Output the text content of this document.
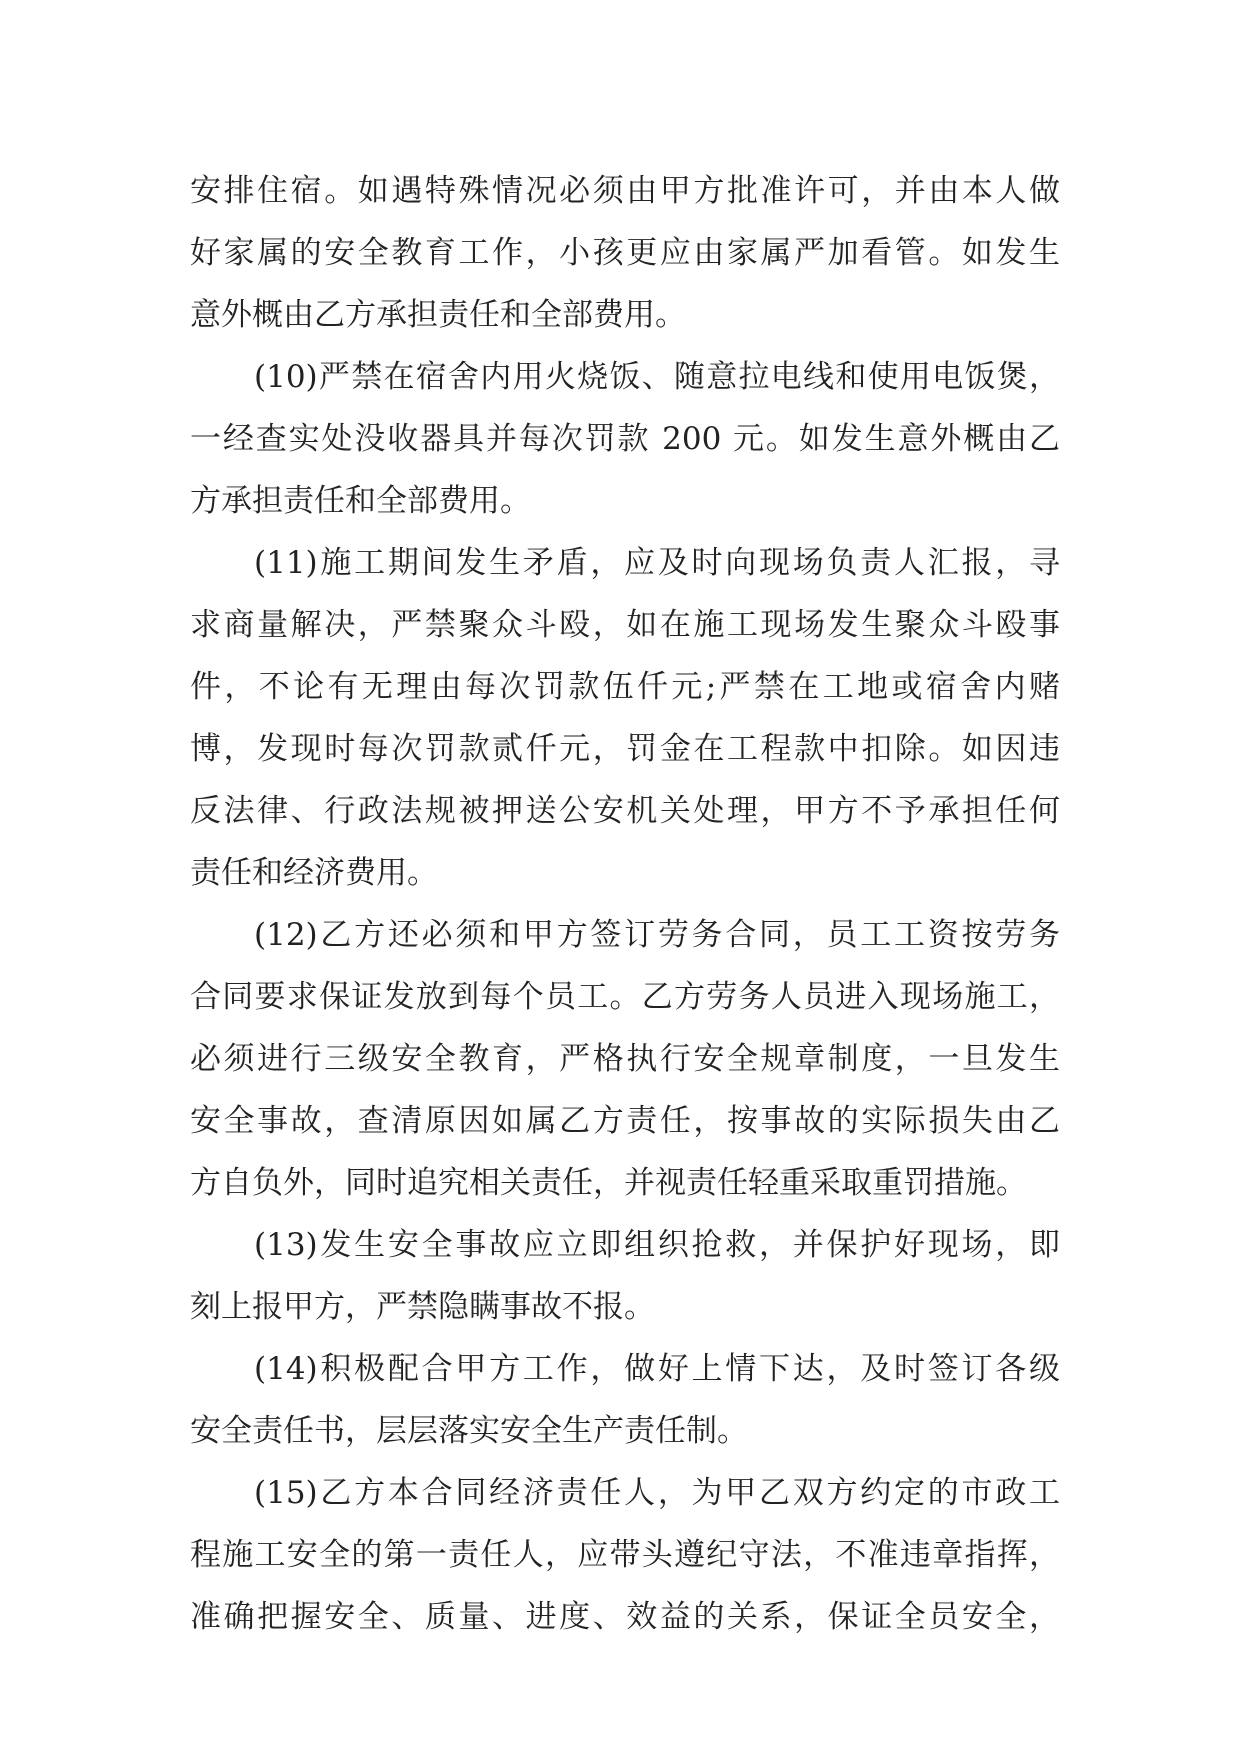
安排住宿。如遇特殊情况必须由甲方批准许可，并由本人做
好家属的安全教育工作，小孩更应由家属严加看管。如发生
意外概由乙方承担责任和全部费用。
(10)严禁在宿舍内用火烧饭、随意拉电线和使用电饭煲，
一经查实处没收器具并每次罚款 200 元。如发生意外概由乙
方承担责任和全部费用。
(11)施工期间发生矛盾，应及时向现场负责人汇报，寻
求商量解决，严禁聚众斗殴，如在施工现场发生聚众斗殴事
件，不论有无理由每次罚款伍仟元;严禁在工地或宿舍内赌
博，发现时每次罚款贰仟元，罚金在工程款中扣除。如因违
反法律、行政法规被押送公安机关处理，甲方不予承担任何
责任和经济费用。
(12)乙方还必须和甲方签订劳务合同，员工工资按劳务
合同要求保证发放到每个员工。乙方劳务人员进入现场施工，
必须进行三级安全教育，严格执行安全规章制度，一旦发生
安全事故，查清原因如属乙方责任，按事故的实际损失由乙
方自负外，同时追究相关责任，并视责任轻重采取重罚措施。
(13)发生安全事故应立即组织抢救，并保护好现场，即
刻上报甲方，严禁隐瞒事故不报。
(14)积极配合甲方工作，做好上情下达，及时签订各级
安全责任书，层层落实安全生产责任制。
(15)乙方本合同经济责任人，为甲乙双方约定的市政工
程施工安全的第一责任人，应带头遵纪守法，不准违章指挥，
准确把握安全、质量、进度、效益的关系，保证全员安全，
